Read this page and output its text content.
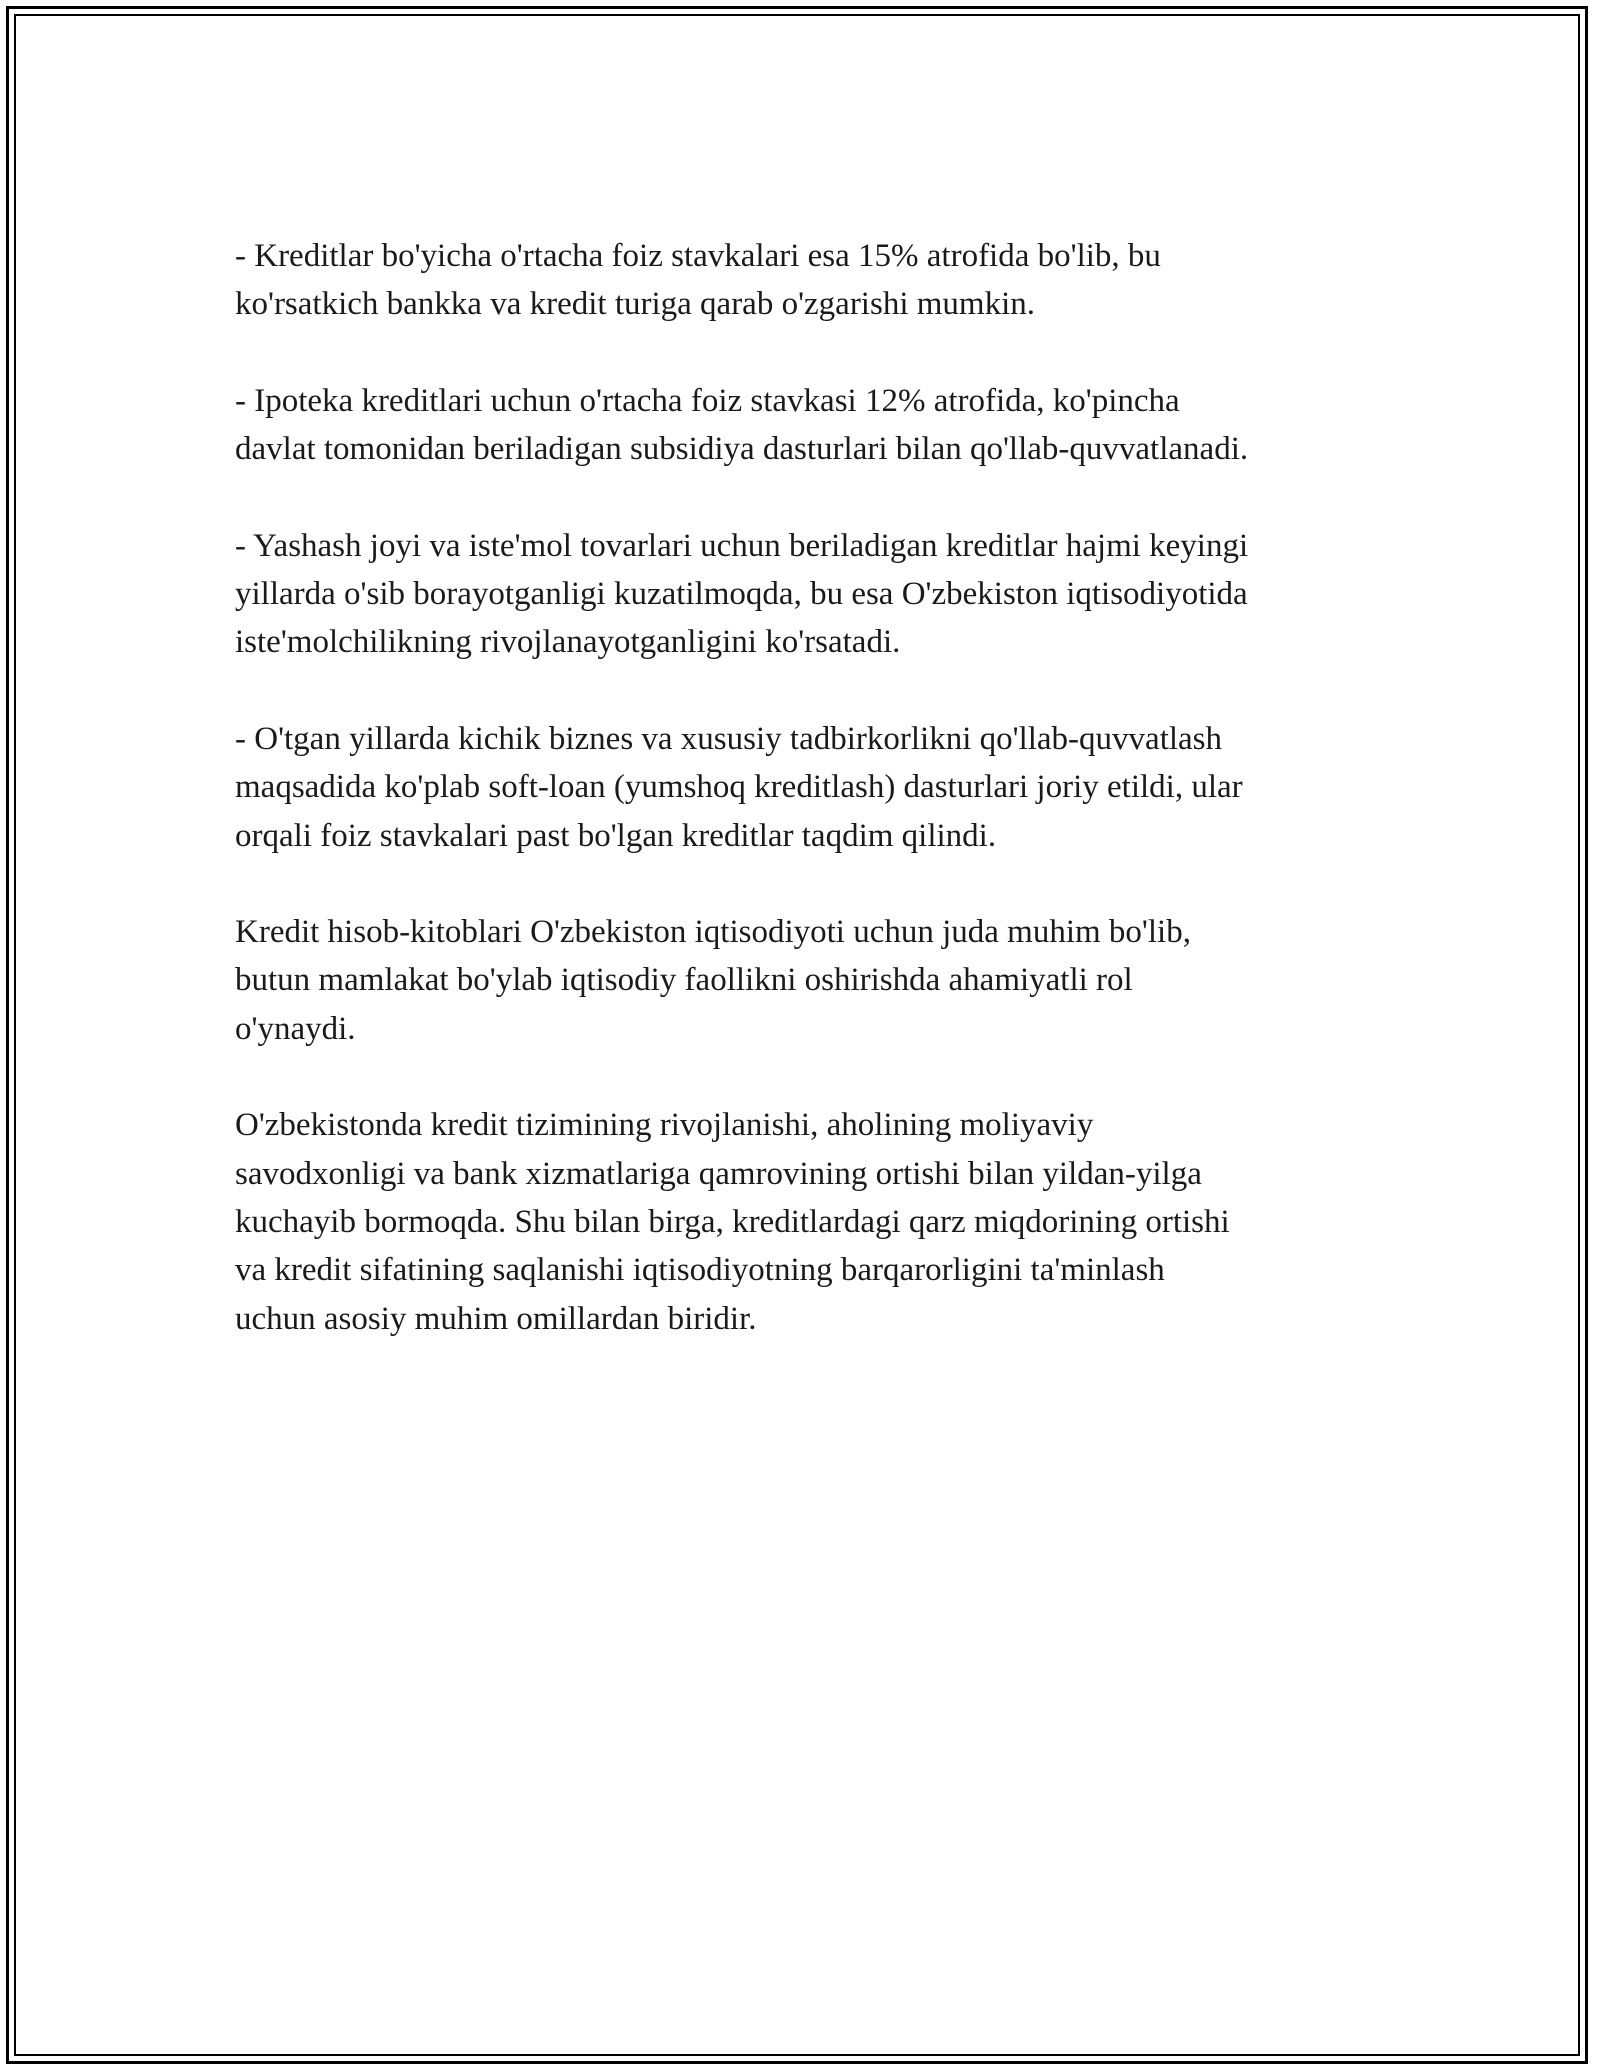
- Kreditlar bo'yicha o'rtacha foiz stavkalari esa 15% atrofida bo'lib, bu
ko'rsatkich bankka va kredit turiga qarab o'zgarishi mumkin.

- Ipoteka kreditlari uchun o'rtacha foiz stavkasi 12% atrofida, ko'pincha
davlat tomonidan beriladigan subsidiya dasturlari bilan qo'llab-quvvatlanadi.

- Yashash joyi va iste'mol tovarlari uchun beriladigan kreditlar hajmi keyingi
yillarda o'sib borayotganligi kuzatilmoqda, bu esa O'zbekiston iqtisodiyotida
iste'molchilikning rivojlanayotganligini ko'rsatadi.

- O'tgan yillarda kichik biznes va xususiy tadbirkorlikni qo'llab-quvvatlash
maqsadida ko'plab soft-loan (yumshoq kreditlash) dasturlari joriy etildi, ular
orqali foiz stavkalari past bo'lgan kreditlar taqdim qilindi.

Kredit hisob-kitoblari O'zbekiston iqtisodiyoti uchun juda muhim bo'lib,
butun mamlakat bo'ylab iqtisodiy faollikni oshirishda ahamiyatli rol
o'ynaydi.

O'zbekistonda kredit tizimining rivojlanishi, aholining moliyaviy
savodxonligi va bank xizmatlariga qamrovining ortishi bilan yildan-yilga
kuchayib bormoqda. Shu bilan birga, kreditlardagi qarz miqdorining ortishi
va kredit sifatining saqlanishi iqtisodiyotning barqarorligini ta'minlash
uchun asosiy muhim omillardan biridir.
